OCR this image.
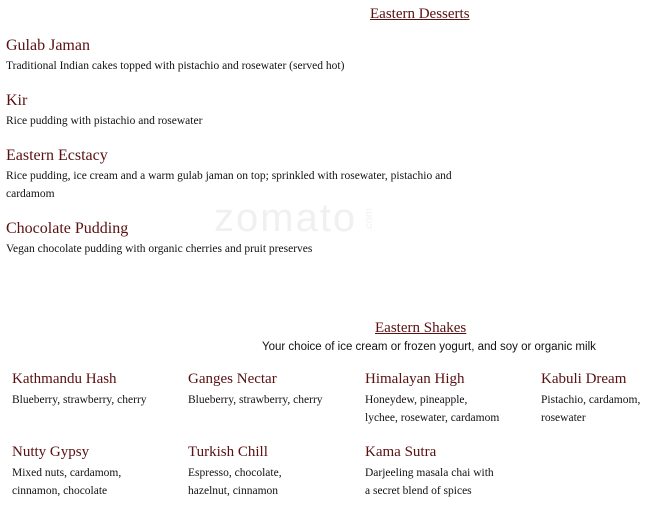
Eastern Desserts
Gulab Jaman
Traditional Indian cakes topped with pistachio and rosewater (served hot)
Kir
Rice pudding with pistachio and rosewater
Eastern Ecstacy
Rice pudding, ice cream and a warm gulab jaman on top; sprinkled with rosewater, pistachio and cardamom
Chocolate Pudding
Vegan chocolate pudding with organic cherries and pruit preserves
zomato .com
Eastern Shakes
Your choice of ice cream or frozen yogurt, and soy or organic milk
Kathmandu Hash
Blueberry, strawberry, cherry
Ganges Nectar
Blueberry, strawberry, cherry
Himalayan High
Honeydew, pineapple,
lychee, rosewater, cardamom
Kabuli Dream
Pistachio, cardamom,
rosewater
Nutty Gypsy
Mixed nuts, cardamom,
cinnamon, chocolate
Turkish Chill
Espresso, chocolate,
hazelnut, cinnamon
Kama Sutra
Darjeeling masala chai with
a secret blend of spices
